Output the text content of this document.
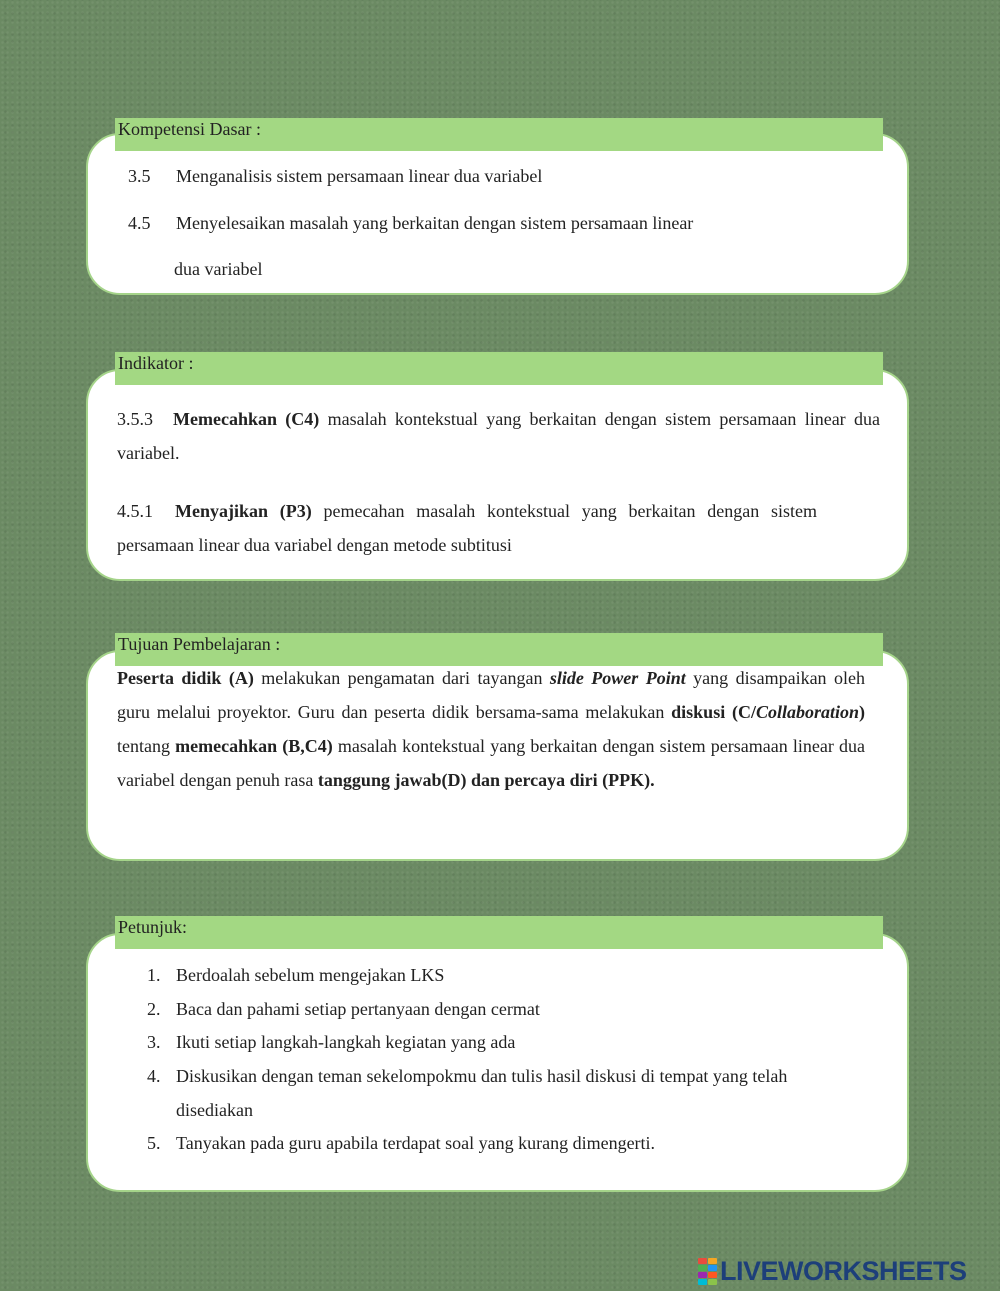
Kompetensi Dasar :
3.5 Menganalisis sistem persamaan linear dua variabel
4.5 Menyelesaikan masalah yang berkaitan dengan sistem persamaan linear
dua variabel
Indikator :
3.5.3 Memecahkan (C4) masalah kontekstual yang berkaitan dengan sistem persamaan linear dua variabel.
4.5.1 Menyajikan (P3) pemecahan masalah kontekstual yang berkaitan dengan sistem persamaan linear dua variabel dengan metode subtitusi
Tujuan Pembelajaran :
Peserta didik (A) melakukan pengamatan dari tayangan slide Power Point yang disampaikan oleh guru melalui proyektor. Guru dan peserta didik bersama-sama melakukan diskusi (C/Collaboration) tentang memecahkan (B,C4) masalah kontekstual yang berkaitan dengan sistem persamaan linear dua variabel dengan penuh rasa tanggung jawab(D) dan percaya diri (PPK).
Petunjuk:
1. Berdoalah sebelum mengejakan LKS
2. Baca dan pahami setiap pertanyaan dengan cermat
3. Ikuti setiap langkah-langkah kegiatan yang ada
4. Diskusikan dengan teman sekelompokmu dan tulis hasil diskusi di tempat yang telah
disediakan
5. Tanyakan pada guru apabila terdapat soal yang kurang dimengerti.
LIVEWORKSHEETS
